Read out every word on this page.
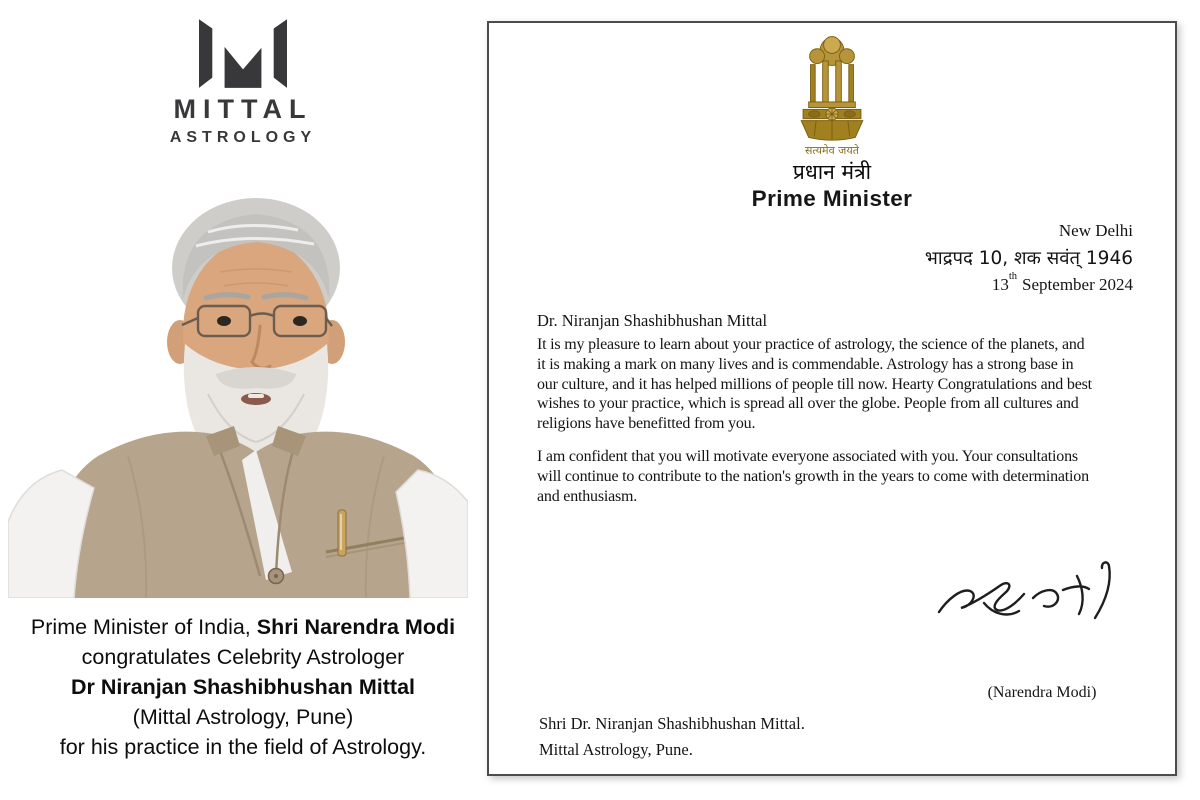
MITTAL
ASTROLOGY
Prime Minister of India, Shri Narendra Modi
congratulates Celebrity Astrologer
Dr Niranjan Shashibhushan Mittal
(Mittal Astrology, Pune)
for his practice in the field of Astrology.
सत्यमेव जयते
प्रधान मंत्री
Prime Minister
New Delhi
भाद्रपद 10, शक सवंत् 1946
13th September 2024
Dr. Niranjan Shashibhushan Mittal
It is my pleasure to learn about your practice of astrology, the science of the planets, and
it is making a mark on many lives and is commendable. Astrology has a strong base in
our culture, and it has helped millions of people till now. Hearty Congratulations and best
wishes to your practice, which is spread all over the globe. People from all cultures and
religions have benefitted from you.
I am confident that you will motivate everyone associated with you. Your consultations
will continue to contribute to the nation's growth in the years to come with determination
and enthusiasm.
(Narendra Modi)
Shri Dr. Niranjan Shashibhushan Mittal.
Mittal Astrology, Pune.
